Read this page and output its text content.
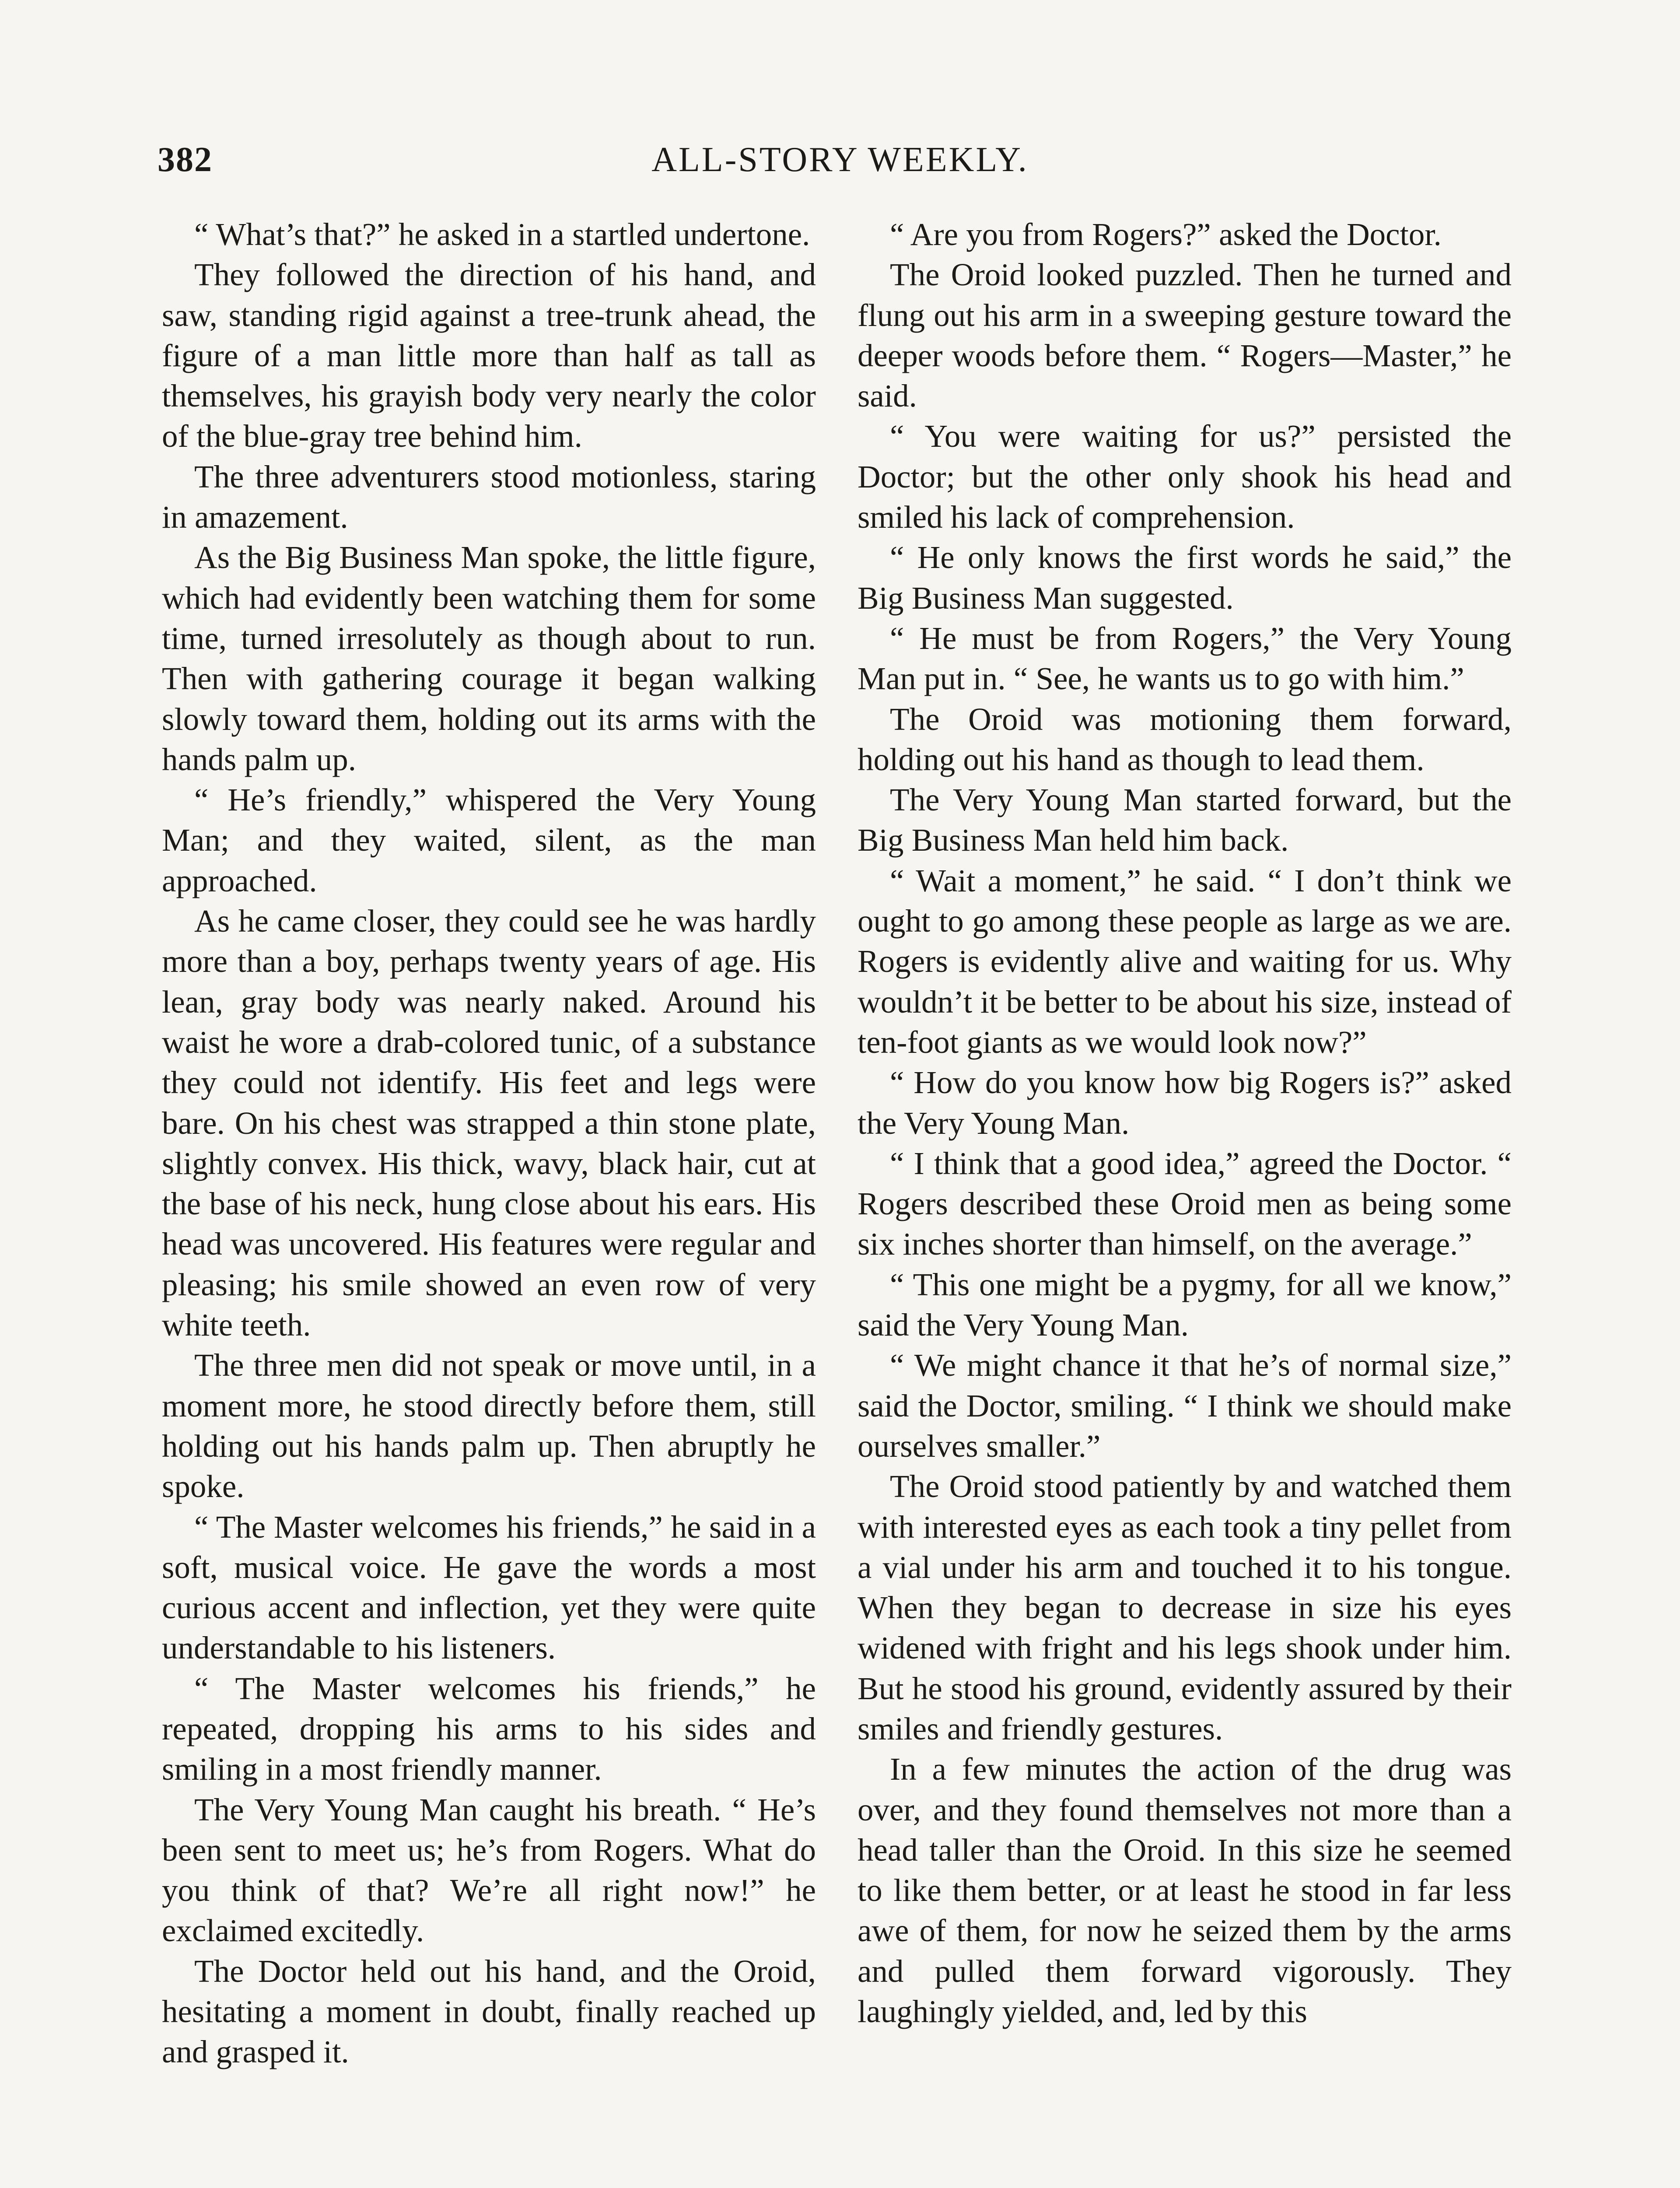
382	ALL-STORY WEEKLY.

“ What’s that?” he asked in a startled undertone.

They followed the direction of his hand, and saw, standing rigid against a tree-trunk ahead, the figure of a man little more than half as tall as themselves, his grayish body very nearly the color of the blue-gray tree behind him.

The three adventurers stood motionless, staring in amazement.

As the Big Business Man spoke, the little figure, which had evidently been watching them for some time, turned irresolutely as though about to run. Then with gathering courage it began walking slowly toward them, holding out its arms with the hands palm up.

“ He’s friendly,” whispered the Very Young Man; and they waited, silent, as the man approached.

As he came closer, they could see he was hardly more than a boy, perhaps twenty years of age. His lean, gray body was nearly naked. Around his waist he wore a drab-colored tunic, of a substance they could not identify. His feet and legs were bare. On his chest was strapped a thin stone plate, slightly convex. His thick, wavy, black hair, cut at the base of his neck, hung close about his ears. His head was uncovered. His features were regular and pleasing; his smile showed an even row of very white teeth.

The three men did not speak or move until, in a moment more, he stood directly before them, still holding out his hands palm up. Then abruptly he spoke.

“ The Master welcomes his friends,” he said in a soft, musical voice. He gave the words a most curious accent and inflection, yet they were quite understandable to his listeners.

“ The Master welcomes his friends,” he repeated, dropping his arms to his sides and smiling in a most friendly manner.

The Very Young Man caught his breath. “ He’s been sent to meet us; he’s from Rogers. What do you think of that? We’re all right now!” he exclaimed excitedly.

The Doctor held out his hand, and the Oroid, hesitating a moment in doubt, finally reached up and grasped it.

“ Are you from Rogers?” asked the Doctor.

The Oroid looked puzzled. Then he turned and flung out his arm in a sweeping gesture toward the deeper woods before them. “ Rogers—Master,” he said.

“ You were waiting for us?” persisted the Doctor; but the other only shook his head and smiled his lack of comprehension.

“ He only knows the first words he said,” the Big Business Man suggested.

“ He must be from Rogers,” the Very Young Man put in. “ See, he wants us to go with him.”

The Oroid was motioning them forward, holding out his hand as though to lead them.

The Very Young Man started forward, but the Big Business Man held him back.

“ Wait a moment,” he said. “ I don’t think we ought to go among these people as large as we are. Rogers is evidently alive and waiting for us. Why wouldn’t it be better to be about his size, instead of ten-foot giants as we would look now?”

“ How do you know how big Rogers is?” asked the Very Young Man.

“ I think that a good idea,” agreed the Doctor. “ Rogers described these Oroid men as being some six inches shorter than himself, on the average.”

“ This one might be a pygmy, for all we know,” said the Very Young Man.

“ We might chance it that he’s of normal size,” said the Doctor, smiling. “ I think we should make ourselves smaller.”

The Oroid stood patiently by and watched them with interested eyes as each took a tiny pellet from a vial under his arm and touched it to his tongue. When they began to decrease in size his eyes widened with fright and his legs shook under him. But he stood his ground, evidently assured by their smiles and friendly gestures.

In a few minutes the action of the drug was over, and they found themselves not more than a head taller than the Oroid. In this size he seemed to like them better, or at least he stood in far less awe of them, for now he seized them by the arms and pulled them forward vigorously. They laughingly yielded, and, led by this
